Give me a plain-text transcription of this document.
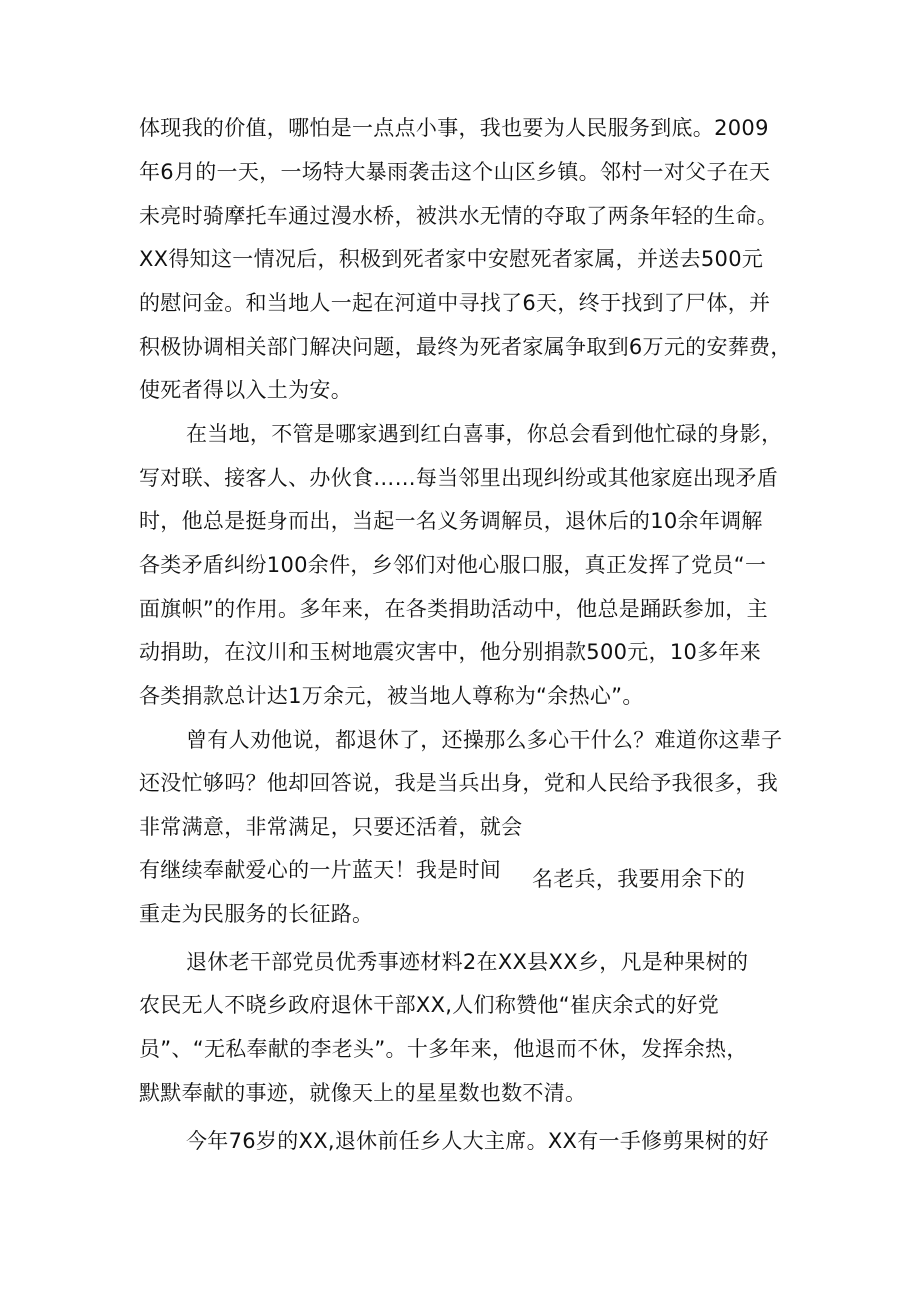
体现我的价值，哪怕是一点点小事，我也要为人民服务到底。2009
年6月的一天，一场特大暴雨袭击这个山区乡镇。邻村一对父子在天
未亮时骑摩托车通过漫水桥，被洪水无情的夺取了两条年轻的生命。
XX得知这一情况后，积极到死者家中安慰死者家属，并送去500元
的慰问金。和当地人一起在河道中寻找了6天，终于找到了尸体，并
积极协调相关部门解决问题，最终为死者家属争取到6万元的安葬费，
使死者得以入土为安。
在当地，不管是哪家遇到红白喜事，你总会看到他忙碌的身影，
写对联、接客人、办伙食……每当邻里出现纠纷或其他家庭出现矛盾
时，他总是挺身而出，当起一名义务调解员，退休后的10余年调解
各类矛盾纠纷100余件，乡邻们对他心服口服，真正发挥了党员“一
面旗帜”的作用。多年来，在各类捐助活动中，他总是踊跃参加，主
动捐助，在汶川和玉树地震灾害中，他分别捐款500元，10多年来
各类捐款总计达1万余元，被当地人尊称为“余热心”。
曾有人劝他说，都退休了，还操那么多心干什么？难道你这辈子
还没忙够吗？他却回答说，我是当兵出身，党和人民给予我很多，我
非常满意，非常满足，只要还活着，就会
有继续奉献爱心的一片蓝天！我是时间 名老兵，我要用余下的
重走为民服务的长征路。
退休老干部党员优秀事迹材料2在XX县XX乡，凡是种果树的
农民无人不晓乡政府退休干部XX,人们称赞他“崔庆余式的好党
员”、“无私奉献的李老头”。十多年来，他退而不休，发挥余热，
默默奉献的事迹，就像天上的星星数也数不清。
今年76岁的XX,退休前任乡人大主席。XX有一手修剪果树的好
